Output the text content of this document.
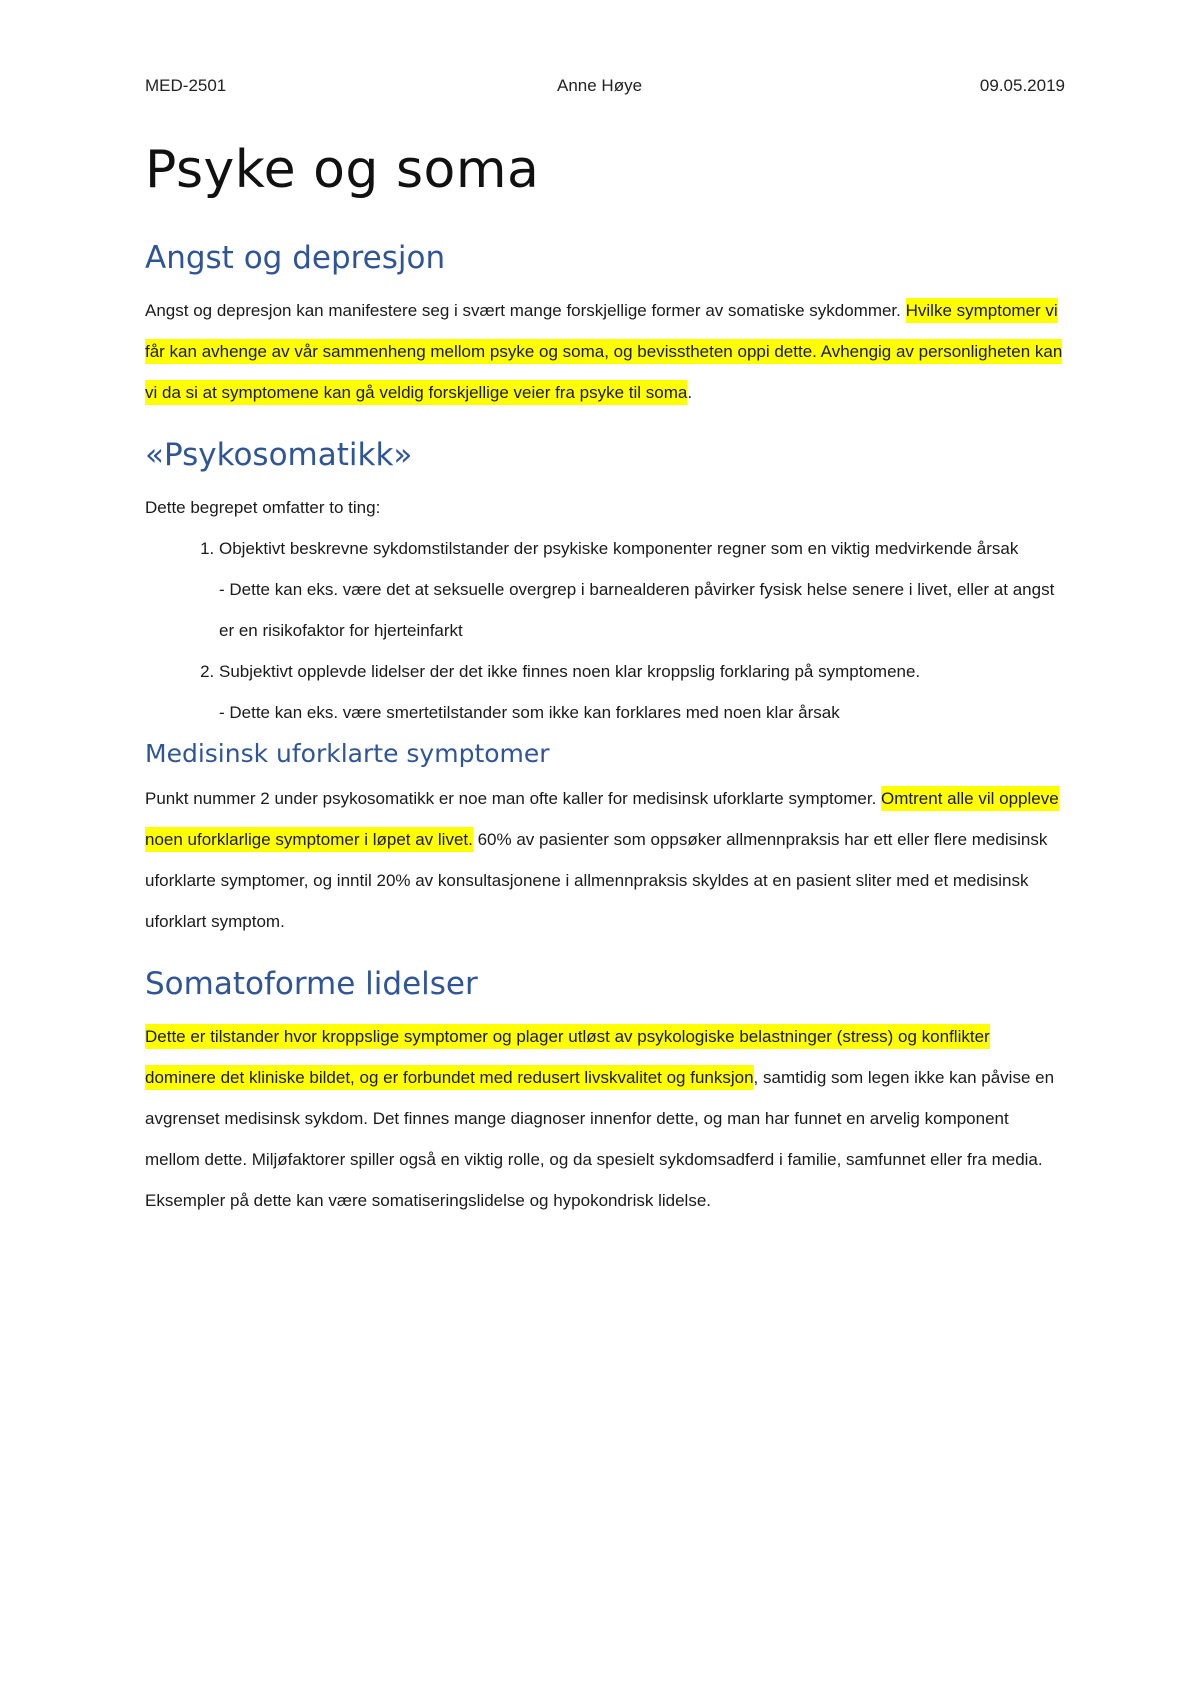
MED-2501	Anne Høye	09.05.2019
Psyke og soma
Angst og depresjon

Angst og depresjon kan manifestere seg i svært mange forskjellige former av somatiske sykdommer. Hvilke symptomer vi får kan avhenge av vår sammenheng mellom psyke og soma, og bevisstheten oppi dette. Avhengig av personligheten kan vi da si at symptomene kan gå veldig forskjellige veier fra psyke til soma.

«Psykosomatikk»

Dette begrepet omfatter to ting:

1. Objektivt beskrevne sykdomstilstander der psykiske komponenter regner som en viktig medvirkende årsak
- Dette kan eks. være det at seksuelle overgrep i barnealderen påvirker fysisk helse senere i livet, eller at angst er en risikofaktor for hjerteinfarkt
2. Subjektivt opplevde lidelser der det ikke finnes noen klar kroppslig forklaring på symptomene.
- Dette kan eks. være smertetilstander som ikke kan forklares med noen klar årsak
Medisinsk uforklarte symptomer

Punkt nummer 2 under psykosomatikk er noe man ofte kaller for medisinsk uforklarte symptomer. Omtrent alle vil oppleve noen uforklarlige symptomer i løpet av livet. 60% av pasienter som oppsøker allmennpraksis har ett eller flere medisinsk uforklarte symptomer, og inntil 20% av konsultasjonene i allmennpraksis skyldes at en pasient sliter med et medisinsk uforklart symptom.

Somatoforme lidelser

Dette er tilstander hvor kroppslige symptomer og plager utløst av psykologiske belastninger (stress) og konflikter dominere det kliniske bildet, og er forbundet med redusert livskvalitet og funksjon, samtidig som legen ikke kan påvise en avgrenset medisinsk sykdom. Det finnes mange diagnoser innenfor dette, og man har funnet en arvelig komponent mellom dette. Miljøfaktorer spiller også en viktig rolle, og da spesielt sykdomsadferd i familie, samfunnet eller fra media. Eksempler på dette kan være somatiseringslidelse og hypokondrisk lidelse.
